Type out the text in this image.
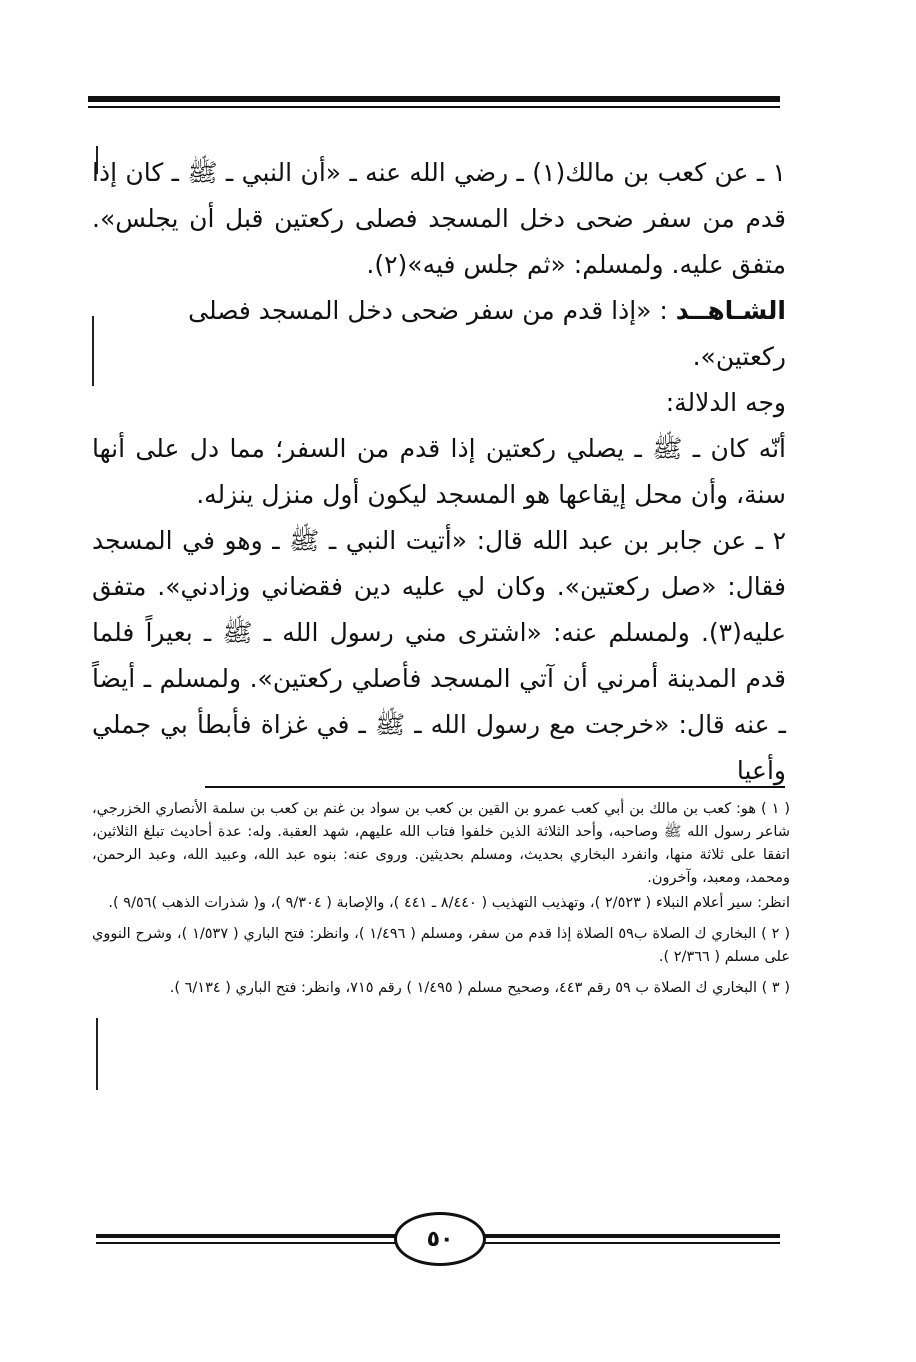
١ ـ عن كعب بن مالك(١) ـ رضي الله عنه ـ «أن النبي ـ ﷺ ـ كان إذا قدم من سفر ضحى دخل المسجد فصلى ركعتين قبل أن يجلس». متفق عليه. ولمسلم: «ثم جلس فيه»(٢).

الشـاهــد : «إذا قدم من سفر ضحى دخل المسجد فصلى

ركعتين».

وجه الدلالة:

أنّه كان ـ ﷺ ـ يصلي ركعتين إذا قدم من السفر؛ مما دل على أنها سنة، وأن محل إيقاعها هو المسجد ليكون أول منزل ينزله.

٢ ـ عن جابر بن عبد الله قال: «أتيت النبي ـ ﷺ ـ وهو في المسجد فقال: «صل ركعتين». وكان لي عليه دين فقضاني وزادني». متفق عليه(٣). ولمسلم عنه: «اشترى مني رسول الله ـ ﷺ ـ بعيراً فلما قدم المدينة أمرني أن آتي المسجد فأصلي ركعتين». ولمسلم ـ أيضاً ـ عنه قال: «خرجت مع رسول الله ـ ﷺ ـ في غزاة فأبطأ بي جملي وأعيا

( ١ ) هو: كعب بن مالك بن أبي كعب عمرو بن القين بن كعب بن سواد بن غنم بن كعب بن سلمة الأنصاري الخزرجي، شاعر رسول الله ﷺ وصاحبه، وأحد الثلاثة الذين خلفوا فتاب الله عليهم، شهد العقبة. وله: عدة أحاديث تبلغ الثلاثين، اتفقا على ثلاثة منها، وانفرد البخاري بحديث، ومسلم بحديثين. وروى عنه: بنوه عبد الله، وعبيد الله، وعبد الرحمن، ومحمد، ومعبد، وآخرون.

انظر: سير أعلام النبلاء ( ٢/٥٢٣ )، وتهذيب التهذيب ( ٨/٤٤٠ ـ ٤٤١ )، والإصابة ( ٩/٣٠٤ )، و( شذرات الذهب )٩/٥٦ ).

( ٢ ) البخاري ك الصلاة ب٥٩ الصلاة إذا قدم من سفر، ومسلم ( ١/٤٩٦ )، وانظر: فتح الباري ( ١/٥٣٧ )، وشرح النووي على مسلم ( ٢/٣٦٦ ).

( ٣ ) البخاري ك الصلاة ب ٥٩ رقم ٤٤٣، وصحيح مسلم ( ١/٤٩٥ ) رقم ٧١٥، وانظر: فتح الباري ( ٦/١٣٤ ).

٥٠
